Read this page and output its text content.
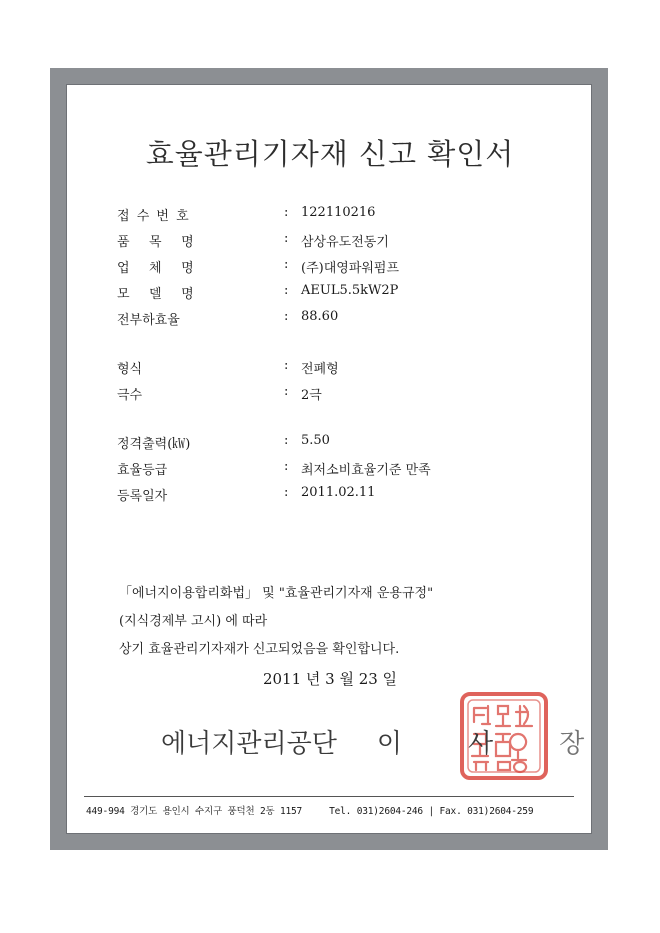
효율관리기자재 신고 확인서
접수번호	: 122110216
품목명	: 삼상유도전동기
업체명	: (주)대영파워펌프
모델명	: AEUL5.5kW2P
전부하효율	: 88.60
형식	: 전폐형
극수	: 2극
정격출력(㎾)	: 5.50
효율등급	: 최저소비효율기준 만족
등록일자	: 2011.02.11
「에너지이용합리화법」 및 "효율관리기자재 운용규정"
(지식경제부 고시) 에 따라
상기 효율관리기자재가 신고되었음을 확인합니다.
2011 년 3 월 23 일
에너지관리공단 이	사	장
449-994 경기도 용인시 수지구 풍덕천 2동 1157	Tel. 031)2604-246 | Fax. 031)2604-259
